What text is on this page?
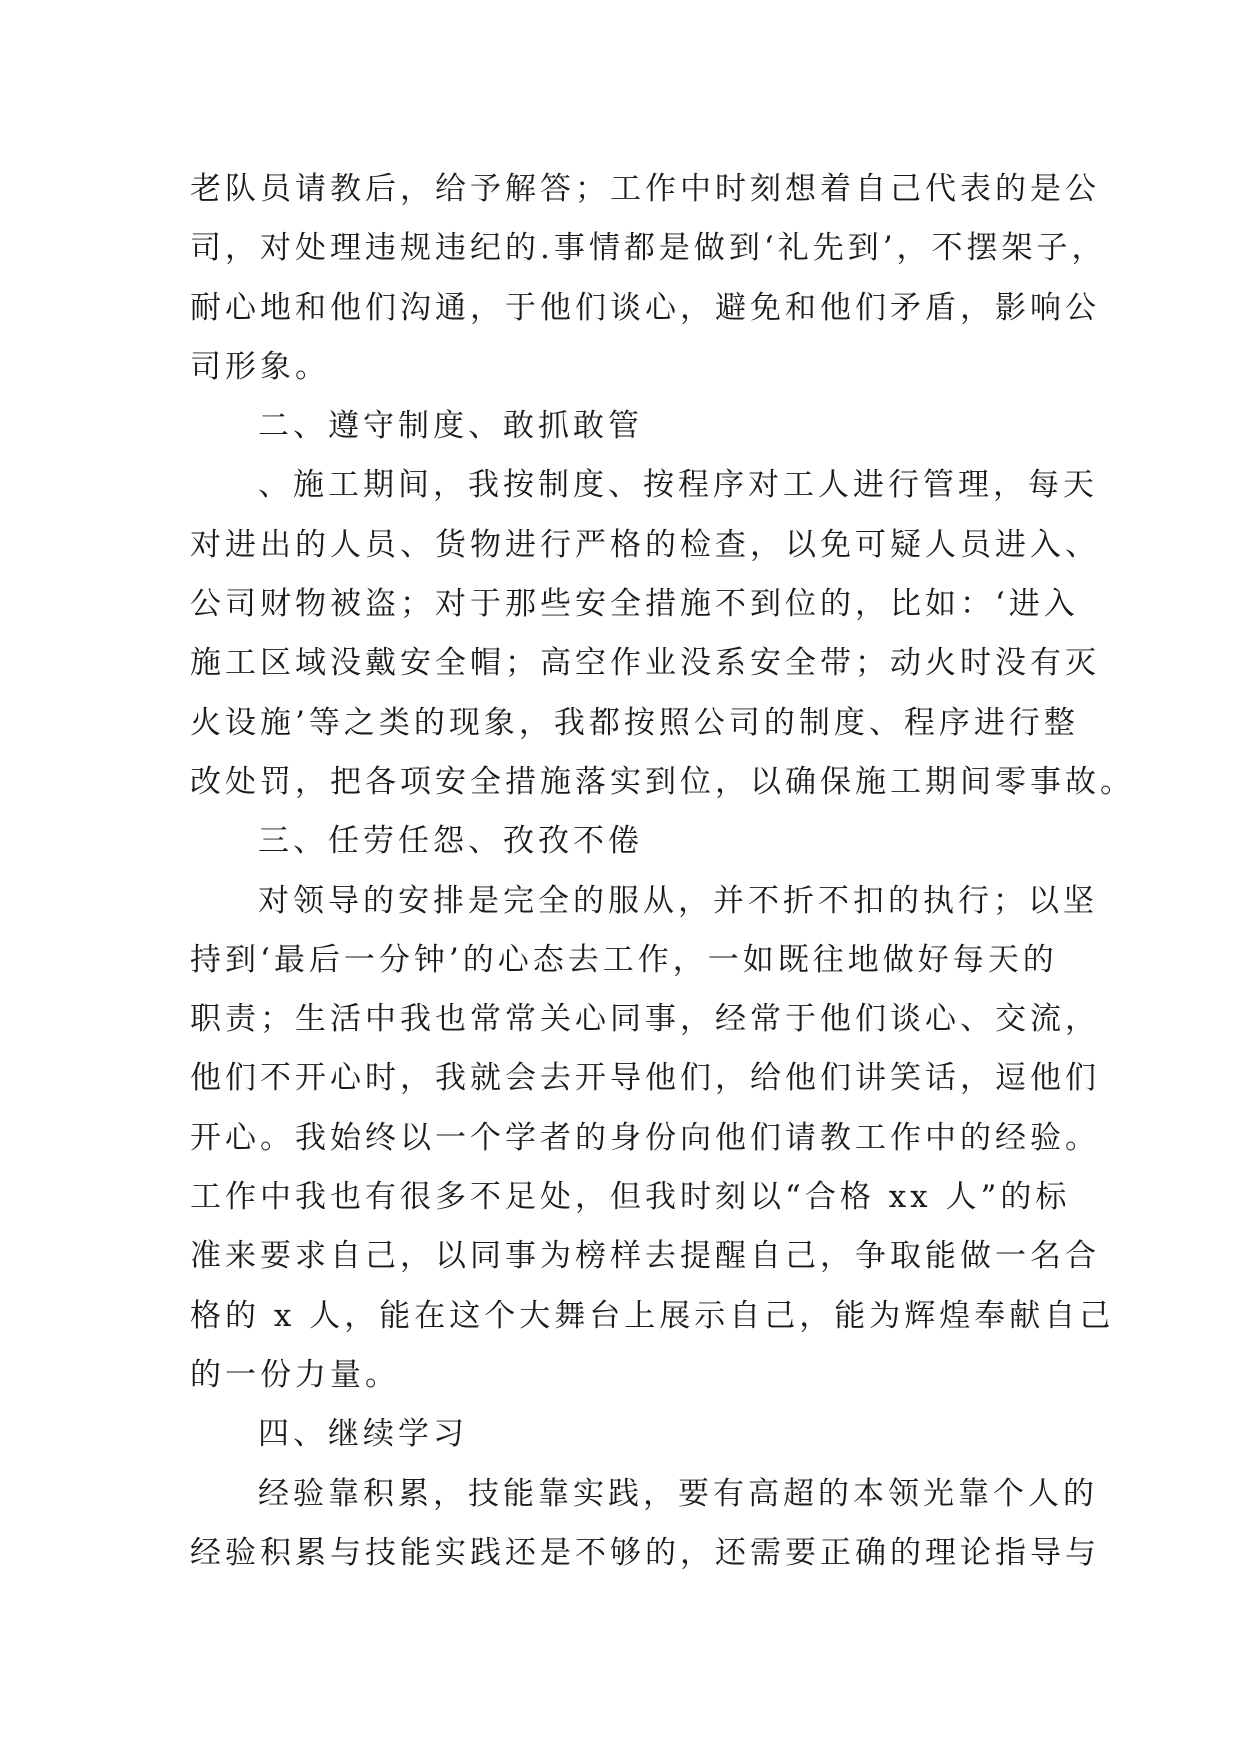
老队员请教后，给予解答；工作中时刻想着自己代表的是公
司，对处理违规违纪的.事情都是做到‘礼先到’，不摆架子，
耐心地和他们沟通，于他们谈心，避免和他们矛盾，影响公
司形象。
二、遵守制度、敢抓敢管
、施工期间，我按制度、按程序对工人进行管理，每天
对进出的人员、货物进行严格的检查，以免可疑人员进入、
公司财物被盗；对于那些安全措施不到位的，比如：‘进入
施工区域没戴安全帽；高空作业没系安全带；动火时没有灭
火设施’等之类的现象，我都按照公司的制度、程序进行整
改处罚，把各项安全措施落实到位，以确保施工期间零事故。
三、任劳任怨、孜孜不倦
对领导的安排是完全的服从，并不折不扣的执行；以坚
持到‘最后一分钟’的心态去工作，一如既往地做好每天的
职责；生活中我也常常关心同事，经常于他们谈心、交流，
他们不开心时，我就会去开导他们，给他们讲笑话，逗他们
开心。我始终以一个学者的身份向他们请教工作中的经验。
工作中我也有很多不足处，但我时刻以“合格 xx 人”的标
准来要求自己，以同事为榜样去提醒自己，争取能做一名合
格的 x 人，能在这个大舞台上展示自己，能为辉煌奉献自己
的一份力量。
四、继续学习
经验靠积累，技能靠实践，要有高超的本领光靠个人的
经验积累与技能实践还是不够的，还需要正确的理论指导与
